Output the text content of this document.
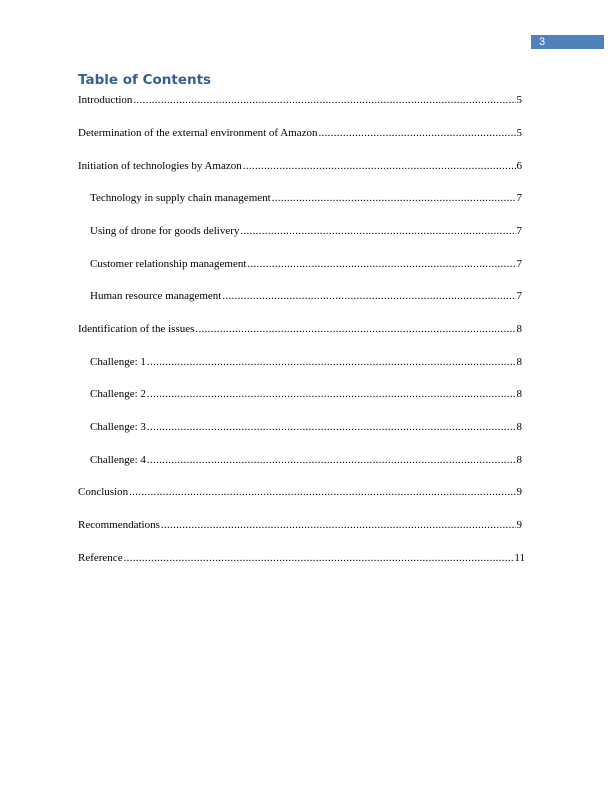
3
Table of Contents
Introduction .....	5
Determination of the external environment of Amazon .....	5
Initiation of technologies by Amazon .....	6
Technology in supply chain management .....	7
Using of drone for goods delivery .....	7
Customer relationship management .....	7
Human resource management .....	7
Identification of the issues .....	8
Challenge: 1 .....	8
Challenge: 2 .....	8
Challenge: 3 .....	8
Challenge: 4 .....	8
Conclusion .....	9
Recommendations .....	9
Reference .....	11
